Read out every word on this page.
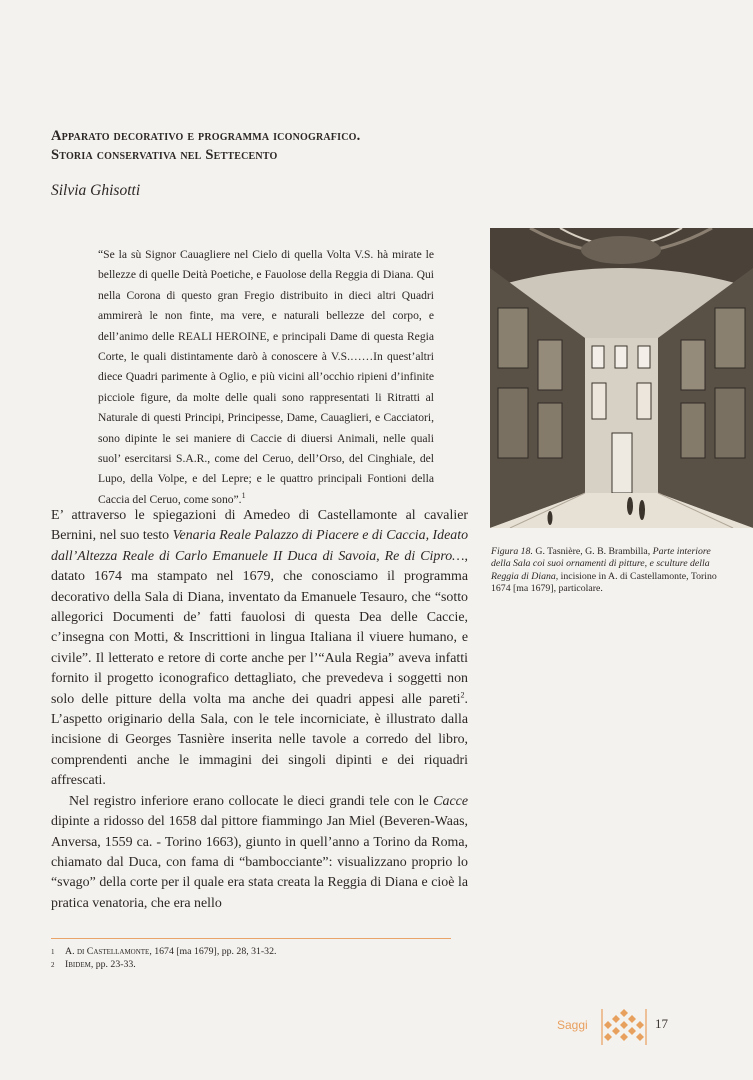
Apparato decorativo e programma iconografico.
Storia conservativa nel Settecento
Silvia Ghisotti
“Se la sù Signor Cauagliere nel Cielo di quella Volta V.S. hà mirate le bellezze di quelle Deità Poetiche, e Fauolose della Reggia di Diana. Qui nella Corona di questo gran Fregio distribuito in dieci altri Quadri ammirerà le non finte, ma vere, e naturali bellezze del corpo, e dell’animo delle REALI HEROINE, e principali Dame di questa Regia Corte, le quali distintamente darò à conoscere à V.S.……In quest’altri diece Quadri parimente à Oglio, e più vicini all’occhio ripieni d’infinite picciole figure, da molte delle quali sono rappresentati li Ritratti al Naturale di questi Principi, Principesse, Dame, Cauaglieri, e Cacciatori, sono dipinte le sei maniere di Caccie di diuersi Animali, nelle quali suol’ esercitarsi S.A.R., come del Ceruo, dell’Orso, del Cinghiale, del Lupo, della Volpe, e del Lepre; e le quattro principali Fontioni della Caccia del Ceruo, come sono”.$^1$
Figura 18. G. Tasnière, G. B. Brambilla, Parte interiore della Sala coi suoi ornamenti di pitture, e sculture della Reggia di Diana, incisione in A. di Castellamonte, Torino 1674 [ma 1679], particolare.

E’ attraverso le spiegazioni di Amedeo di Castellamonte al cavalier Bernini, nel suo testo Venaria Reale Palazzo di Piacere e di Caccia, Ideato dall’Altezza Reale di Carlo Emanuele II Duca di Savoia, Re di Cipro…, datato 1674 ma stampato nel 1679, che conosciamo il programma decorativo della Sala di Diana, inventato da Emanuele Tesauro, che “sotto allegorici Documenti de’ fatti fauolosi di questa Dea delle Caccie, c’insegna con Motti, & Inscrittioni in lingua Italiana il viuere humano, e civile”. Il letterato e retore di corte anche per l’“Aula Regia” aveva infatti fornito il progetto iconografico dettagliato, che prevedeva i soggetti non solo delle pitture della volta ma anche dei quadri appesi alle pareti$^2$. L’aspetto originario della Sala, con le tele incorniciate, è illustrato dalla incisione di Georges Tasnière inserita nelle tavole a corredo del libro, comprendenti anche le immagini dei singoli dipinti e dei riquadri affrescati.

Nel registro inferiore erano collocate le dieci grandi tele con le Cacce dipinte a ridosso del 1658 dal pittore fiammingo Jan Miel (Beveren-Waas, Anversa, 1559 ca. - Torino 1663), giunto in quell’anno a Torino da Roma, chiamato dal Duca, con fama di “bambocciante”: visualizzano proprio lo “svago” della corte per il quale era stata creata la Reggia di Diana e cioè la pratica venatoria, che era nello

1	A. di Castellamonte, 1674 [ma 1679], pp. 28, 31-32.
2	Ibidem, pp. 23-33.
Saggi	17
